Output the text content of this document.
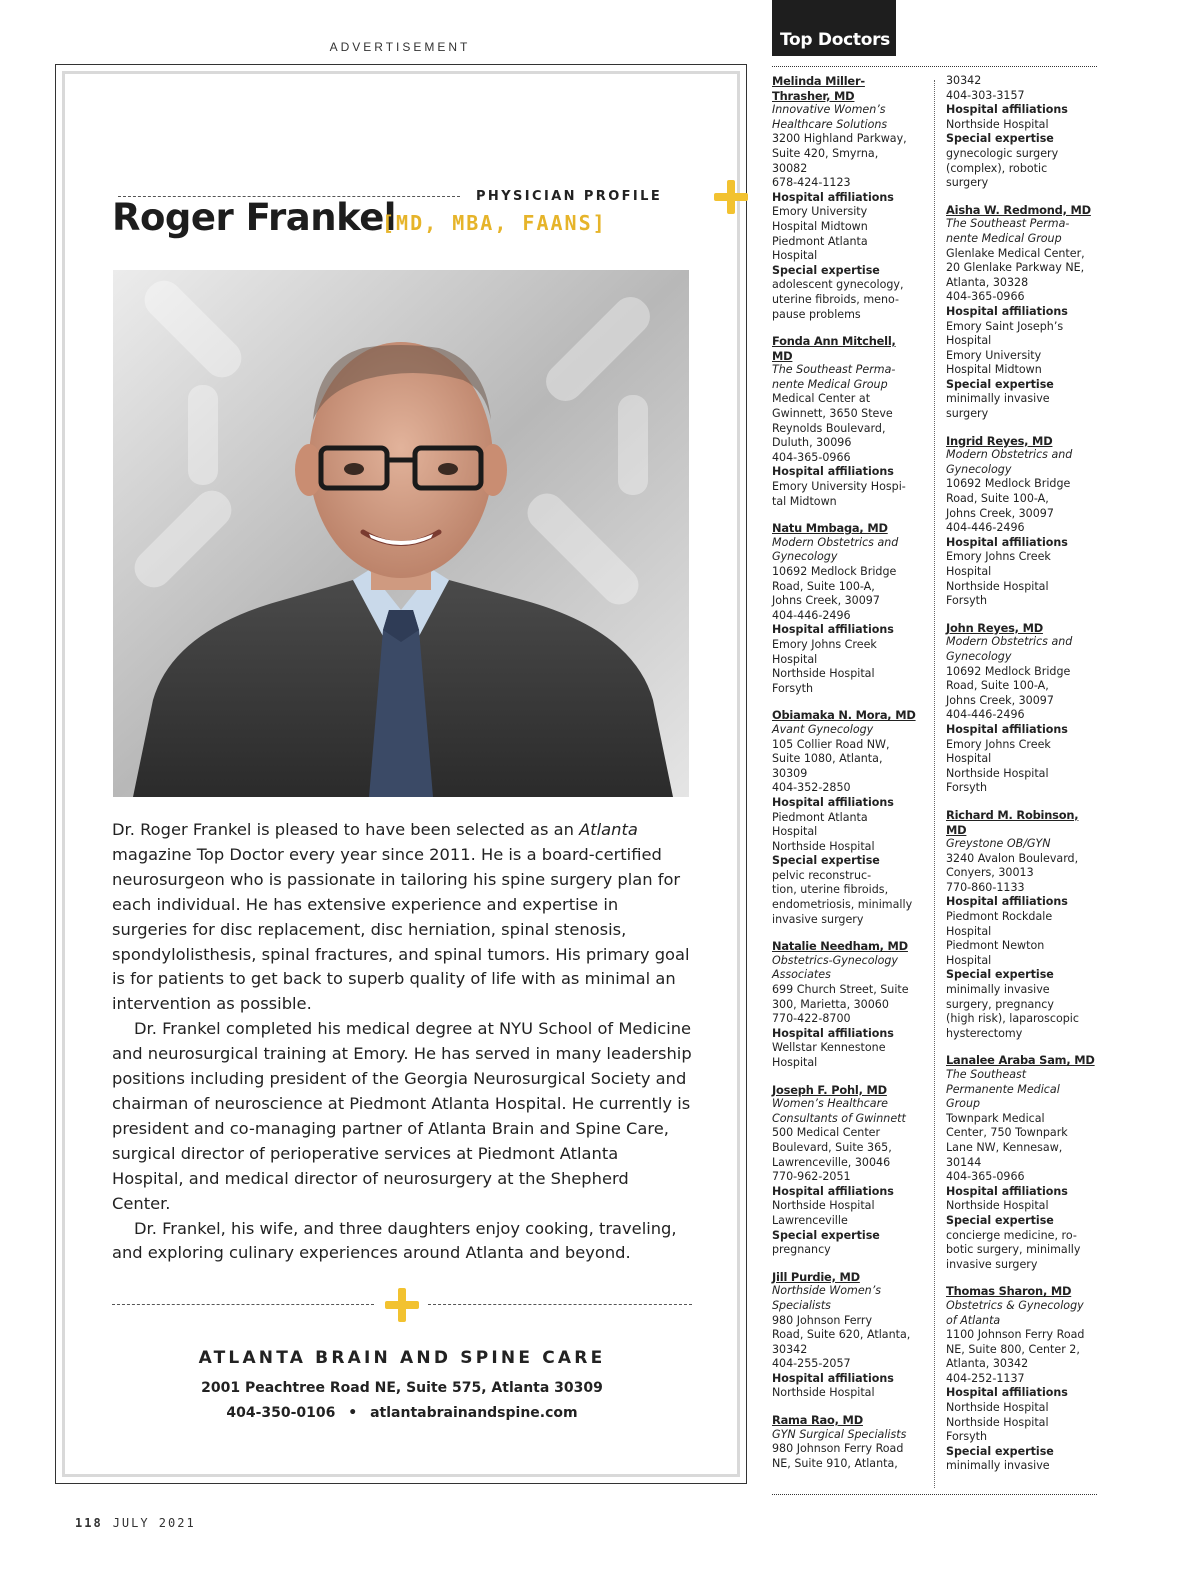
ADVERTISEMENT
PHYSICIAN PROFILE
Roger Frankel
[MD, MBA, FAANS]

Dr. Roger Frankel is pleased to have been selected as an Atlanta magazine Top Doctor every year since 2011. He is a board-certified neurosurgeon who is passionate in tailoring his spine surgery plan for each individual. He has extensive experience and expertise in surgeries for disc replacement, disc herniation, spinal stenosis, spondylolisthesis, spinal fractures, and spinal tumors. His primary goal is for patients to get back to superb quality of life with as minimal an intervention as possible.

Dr. Frankel completed his medical degree at NYU School of Medicine and neurosurgical training at Emory. He has served in many leadership positions including president of the Georgia Neurosurgical Society and chairman of neuroscience at Piedmont Atlanta Hospital. He currently is president and co-managing partner of Atlanta Brain and Spine Care, surgical director of perioperative services at Piedmont Atlanta Hospital, and medical director of neurosurgery at the Shepherd Center.

Dr. Frankel, his wife, and three daughters enjoy cooking, traveling, and exploring culinary experiences around Atlanta and beyond.

ATLANTA BRAIN AND SPINE CARE
2001 Peachtree Road NE, Suite 575, Atlanta 30309
404-350-0106 • atlantabrainandspine.com
118 JULY 2021
Top Doctors
Melinda Miller-
Thrasher, MD
Innovative Women’s
Healthcare Solutions
3200 Highland Parkway,
Suite 420, Smyrna,
30082
678-424-1123
Hospital affiliations
Emory University
Hospital Midtown
Piedmont Atlanta
Hospital
Special expertise
adolescent gynecology,
uterine fibroids, meno-
pause problems
Fonda Ann Mitchell,
MD
The Southeast Perma-
nente Medical Group
Medical Center at
Gwinnett, 3650 Steve
Reynolds Boulevard,
Duluth, 30096
404-365-0966
Hospital affiliations
Emory University Hospi-
tal Midtown
Natu Mmbaga, MD
Modern Obstetrics and
Gynecology
10692 Medlock Bridge
Road, Suite 100-A,
Johns Creek, 30097
404-446-2496
Hospital affiliations
Emory Johns Creek
Hospital
Northside Hospital
Forsyth
Obiamaka N. Mora, MD
Avant Gynecology
105 Collier Road NW,
Suite 1080, Atlanta,
30309
404-352-2850
Hospital affiliations
Piedmont Atlanta
Hospital
Northside Hospital
Special expertise
pelvic reconstruc-
tion, uterine fibroids,
endometriosis, minimally
invasive surgery
Natalie Needham, MD
Obstetrics-Gynecology
Associates
699 Church Street, Suite
300, Marietta, 30060
770-422-8700
Hospital affiliations
Wellstar Kennestone
Hospital
Joseph F. Pohl, MD
Women’s Healthcare
Consultants of Gwinnett
500 Medical Center
Boulevard, Suite 365,
Lawrenceville, 30046
770-962-2051
Hospital affiliations
Northside Hospital
Lawrenceville
Special expertise
pregnancy
Jill Purdie, MD
Northside Women’s
Specialists
980 Johnson Ferry
Road, Suite 620, Atlanta,
30342
404-255-2057
Hospital affiliations
Northside Hospital
Rama Rao, MD
GYN Surgical Specialists
980 Johnson Ferry Road
NE, Suite 910, Atlanta,
30342
404-303-3157
Hospital affiliations
Northside Hospital
Special expertise
gynecologic surgery
(complex), robotic
surgery
Aisha W. Redmond, MD
The Southeast Perma-
nente Medical Group
Glenlake Medical Center,
20 Glenlake Parkway NE,
Atlanta, 30328
404-365-0966
Hospital affiliations
Emory Saint Joseph’s
Hospital
Emory University
Hospital Midtown
Special expertise
minimally invasive
surgery
Ingrid Reyes, MD
Modern Obstetrics and
Gynecology
10692 Medlock Bridge
Road, Suite 100-A,
Johns Creek, 30097
404-446-2496
Hospital affiliations
Emory Johns Creek
Hospital
Northside Hospital
Forsyth
John Reyes, MD
Modern Obstetrics and
Gynecology
10692 Medlock Bridge
Road, Suite 100-A,
Johns Creek, 30097
404-446-2496
Hospital affiliations
Emory Johns Creek
Hospital
Northside Hospital
Forsyth
Richard M. Robinson,
MD
Greystone OB/GYN
3240 Avalon Boulevard,
Conyers, 30013
770-860-1133
Hospital affiliations
Piedmont Rockdale
Hospital
Piedmont Newton
Hospital
Special expertise
minimally invasive
surgery, pregnancy
(high risk), laparoscopic
hysterectomy
Lanalee Araba Sam, MD
The Southeast
Permanente Medical
Group
Townpark Medical
Center, 750 Townpark
Lane NW, Kennesaw,
30144
404-365-0966
Hospital affiliations
Northside Hospital
Special expertise
concierge medicine, ro-
botic surgery, minimally
invasive surgery
Thomas Sharon, MD
Obstetrics & Gynecology
of Atlanta
1100 Johnson Ferry Road
NE, Suite 800, Center 2,
Atlanta, 30342
404-252-1137
Hospital affiliations
Northside Hospital
Northside Hospital
Forsyth
Special expertise
minimally invasive
